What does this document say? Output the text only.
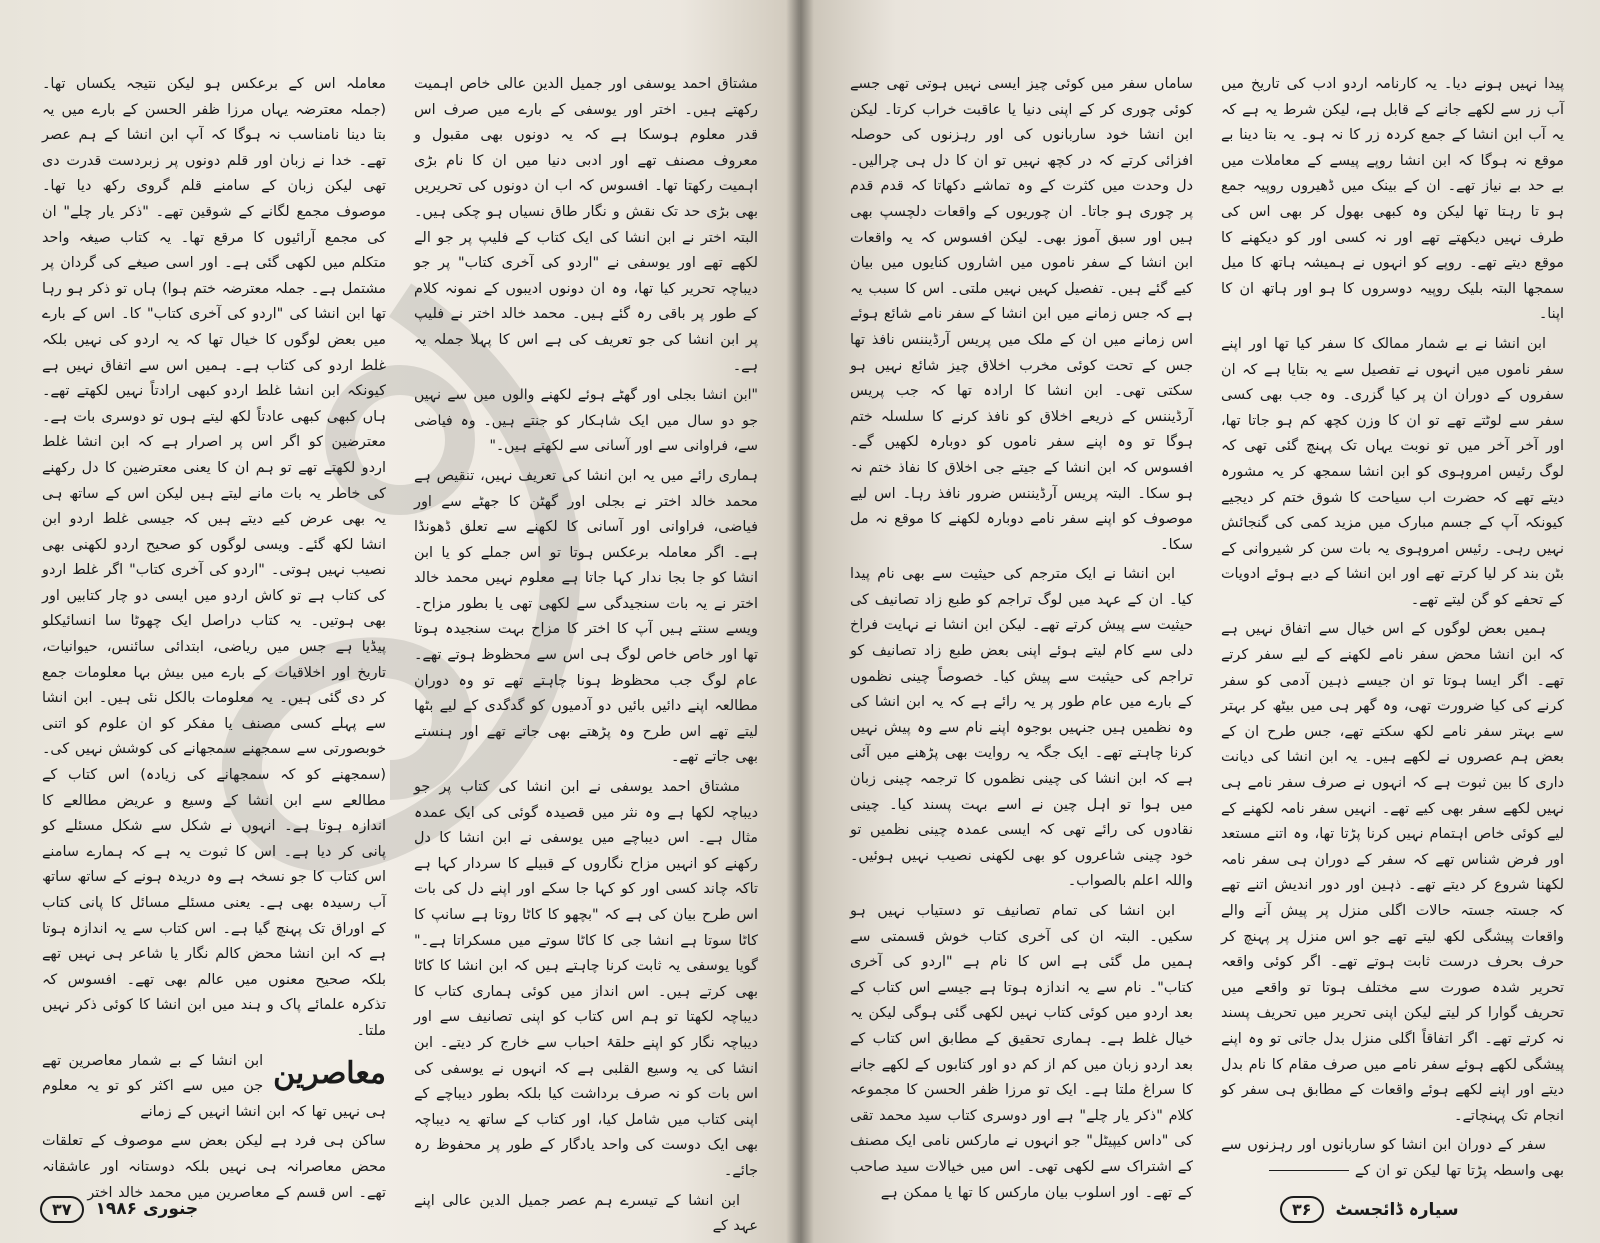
مشتاق احمد یوسفی اور جمیل الدین عالی خاص اہمیت رکھتے ہیں۔ اختر اور یوسفی کے بارے میں صرف اس قدر معلوم ہوسکا ہے کہ یہ دونوں بھی مقبول و معروف مصنف تھے اور ادبی دنیا میں ان کا نام بڑی اہمیت رکھتا تھا۔ افسوس کہ اب ان دونوں کی تحریریں بھی بڑی حد تک نقش و نگار طاق نسیاں ہو چکی ہیں۔ البتہ اختر نے ابن انشا کی ایک کتاب کے فلیپ پر جو الے لکھے تھے اور یوسفی نے "اردو کی آخری کتاب" پر جو دیباچہ تحریر کیا تھا، وہ ان دونوں ادیبوں کے نمونہ کلام کے طور پر باقی رہ گئے ہیں۔ محمد خالد اختر نے فلیپ پر ابن انشا کی جو تعریف کی ہے اس کا پہلا جملہ یہ ہے۔

"ابن انشا بجلی اور گھٹے ہوئے لکھنے والوں میں سے نہیں جو دو سال میں ایک شاہکار کو جنتے ہیں۔ وہ فیاضی سے، فراوانی سے اور آسانی سے لکھتے ہیں۔"

ہماری رائے میں یہ ابن انشا کی تعریف نہیں، تنقیص ہے محمد خالد اختر نے بجلی اور گھٹن کا جھٹے سے اور فیاضی، فراوانی اور آسانی کا لکھنے سے تعلق ڈھونڈا ہے۔ اگر معاملہ برعکس ہوتا تو اس جملے کو یا ابن انشا کو جا بجا ندار کہا جاتا ہے معلوم نہیں محمد خالد اختر نے یہ بات سنجیدگی سے لکھی تھی یا بطور مزاح۔ ویسے سنتے ہیں آپ کا اختر کا مزاح بہت سنجیدہ ہوتا تھا اور خاص خاص لوگ ہی اس سے محظوظ ہوتے تھے۔ عام لوگ جب محظوظ ہونا چاہتے تھے تو وہ دوران مطالعہ اپنے دائیں بائیں دو آدمیوں کو گدگدی کے لیے بٹھا لیتے تھے اس طرح وہ پڑھتے بھی جاتے تھے اور ہنستے بھی جاتے تھے۔

مشتاق احمد یوسفی نے ابن انشا کی کتاب پر جو دیباچہ لکھا ہے وہ نثر میں قصیدہ گوئی کی ایک عمدہ مثال ہے۔ اس دیباچے میں یوسفی نے ابن انشا کا دل رکھنے کو انہیں مزاح نگاروں کے قبیلے کا سردار کہا ہے تاکہ چاند کسی اور کو کہا جا سکے اور اپنے دل کی بات اس طرح بیان کی ہے کہ "بچھو کا کاٹا روتا ہے سانپ کا کاٹا سوتا ہے انشا جی کا کاٹا سوتے میں مسکراتا ہے۔" گویا یوسفی یہ ثابت کرنا چاہتے ہیں کہ ابن انشا کا کاٹا بھی کرتے ہیں۔ اس انداز میں کوئی ہماری کتاب کا دیباچہ لکھتا تو ہم اس کتاب کو اپنی تصانیف سے اور دیباچہ نگار کو اپنے حلقۂ احباب سے خارج کر دیتے۔ ابن انشا کی یہ وسیع القلبی ہے کہ انہوں نے یوسفی کی اس بات کو نہ صرف برداشت کیا بلکہ بطور دیباچے کے اپنی کتاب میں شامل کیا، اور کتاب کے ساتھ یہ دیباچہ بھی ایک دوست کی واحد یادگار کے طور پر محفوظ رہ جائے۔

ابن انشا کے تیسرے ہم عصر جمیل الدین عالی اپنے عہد کے

معاملہ اس کے برعکس ہو لیکن نتیجہ یکساں تھا۔ (جملہ معترضہ یہاں مرزا ظفر الحسن کے بارے میں یہ بتا دینا نامناسب نہ ہوگا کہ آپ ابن انشا کے ہم عصر تھے۔ خدا نے زبان اور قلم دونوں پر زبردست قدرت دی تھی لیکن زبان کے سامنے قلم گروی رکھ دیا تھا۔ موصوف مجمع لگانے کے شوقین تھے۔ "ذکر یار چلے" ان کی مجمع آرائیوں کا مرقع تھا۔ یہ کتاب صیغہ واحد متکلم میں لکھی گئی ہے۔ اور اسی صیغے کی گردان پر مشتمل ہے۔ جملہ معترضہ ختم ہوا) ہاں تو ذکر ہو رہا تھا ابن انشا کی "اردو کی آخری کتاب" کا۔ اس کے بارے میں بعض لوگوں کا خیال تھا کہ یہ اردو کی نہیں بلکہ غلط اردو کی کتاب ہے۔ ہمیں اس سے اتفاق نہیں ہے کیونکہ ابن انشا غلط اردو کبھی ارادتاً نہیں لکھتے تھے۔ ہاں کبھی کبھی عادتاً لکھ لیتے ہوں تو دوسری بات ہے۔ معترضین کو اگر اس پر اصرار ہے کہ ابن انشا غلط اردو لکھتے تھے تو ہم ان کا یعنی معترضین کا دل رکھنے کی خاطر یہ بات مانے لیتے ہیں لیکن اس کے ساتھ ہی یہ بھی عرض کیے دیتے ہیں کہ جیسی غلط اردو ابن انشا لکھ گئے۔ ویسی لوگوں کو صحیح اردو لکھنی بھی نصیب نہیں ہوتی۔ "اردو کی آخری کتاب" اگر غلط اردو کی کتاب ہے تو کاش اردو میں ایسی دو چار کتابیں اور بھی ہوتیں۔ یہ کتاب دراصل ایک چھوٹا سا انسائیکلو پیڈیا ہے جس میں ریاضی، ابتدائی سائنس، حیوانیات، تاریخ اور اخلاقیات کے بارے میں بیش بہا معلومات جمع کر دی گئی ہیں۔ یہ معلومات بالکل نئی ہیں۔ ابن انشا سے پہلے کسی مصنف یا مفکر کو ان علوم کو اتنی خوبصورتی سے سمجھنے سمجھانے کی کوشش نہیں کی۔ (سمجھنے کو کہ سمجھانے کی زیادہ) اس کتاب کے مطالعے سے ابن انشا کے وسیع و عریض مطالعے کا اندازہ ہوتا ہے۔ انہوں نے شکل سے شکل مسئلے کو پانی کر دیا ہے۔ اس کا ثبوت یہ ہے کہ ہمارے سامنے اس کتاب کا جو نسخہ ہے وہ دریدہ ہونے کے ساتھ ساتھ آب رسیدہ بھی ہے۔ یعنی مسئلے مسائل کا پانی کتاب کے اوراق تک پہنچ گیا ہے۔ اس کتاب سے یہ اندازہ ہوتا ہے کہ ابن انشا محض کالم نگار یا شاعر ہی نہیں تھے بلکہ صحیح معنوں میں عالم بھی تھے۔ افسوس کہ تذکرہ علمائے پاک و ہند میں ابن انشا کا کوئی ذکر نہیں ملتا۔

معاصرین

ابن انشا کے بے شمار معاصرین تھے جن میں سے اکثر کو تو یہ معلوم ہی نہیں تھا کہ ابن انشا انہیں کے زمانے

ساکن ہی فرد ہے لیکن بعض سے موصوف کے تعلقات محض معاصرانہ ہی نہیں بلکہ دوستانہ اور عاشقانہ تھے۔ اس قسم کے معاصرین میں محمد خالد اختر

جنوری ۱۹۸۶
۳۷

پیدا نہیں ہونے دیا۔ یہ کارنامہ اردو ادب کی تاریخ میں آب زر سے لکھے جانے کے قابل ہے، لیکن شرط یہ ہے کہ یہ آب ابن انشا کے جمع کردہ زر کا نہ ہو۔ یہ بتا دینا بے موقع نہ ہوگا کہ ابن انشا روپے پیسے کے معاملات میں بے حد بے نیاز تھے۔ ان کے بینک میں ڈھیروں روپیہ جمع ہو تا رہتا تھا لیکن وہ کبھی بھول کر بھی اس کی طرف نہیں دیکھتے تھے اور نہ کسی اور کو دیکھنے کا موقع دیتے تھے۔ روپے کو انہوں نے ہمیشہ ہاتھ کا میل سمجھا البتہ بلیک روپیہ دوسروں کا ہو اور ہاتھ ان کا اپنا۔

ابن انشا نے بے شمار ممالک کا سفر کیا تھا اور اپنے سفر ناموں میں انہوں نے تفصیل سے یہ بتایا ہے کہ ان سفروں کے دوران ان پر کیا گزری۔ وہ جب بھی کسی سفر سے لوٹتے تھے تو ان کا وزن کچھ کم ہو جاتا تھا، اور آخر آخر میں تو نوبت یہاں تک پہنچ گئی تھی کہ لوگ رئیس امروہوی کو ابن انشا سمجھ کر یہ مشورہ دیتے تھے کہ حضرت اب سیاحت کا شوق ختم کر دیجیے کیونکہ آپ کے جسم مبارک میں مزید کمی کی گنجائش نہیں رہی۔ رئیس امروہوی یہ بات سن کر شیروانی کے بٹن بند کر لیا کرتے تھے اور ابن انشا کے دیے ہوئے ادویات کے تحفے کو گن لیتے تھے۔

ہمیں بعض لوگوں کے اس خیال سے اتفاق نہیں ہے کہ ابن انشا محض سفر نامے لکھنے کے لیے سفر کرتے تھے۔ اگر ایسا ہوتا تو ان جیسے ذہین آدمی کو سفر کرنے کی کیا ضرورت تھی، وہ گھر ہی میں بیٹھ کر بہتر سے بہتر سفر نامے لکھ سکتے تھے، جس طرح ان کے بعض ہم عصروں نے لکھے ہیں۔ یہ ابن انشا کی دیانت داری کا بین ثبوت ہے کہ انہوں نے صرف سفر نامے ہی نہیں لکھے سفر بھی کیے تھے۔ انہیں سفر نامہ لکھنے کے لیے کوئی خاص اہتمام نہیں کرنا پڑتا تھا، وہ اتنے مستعد اور فرض شناس تھے کہ سفر کے دوران ہی سفر نامہ لکھنا شروع کر دیتے تھے۔ ذہین اور دور اندیش اتنے تھے کہ جستہ جستہ حالات اگلی منزل پر پیش آنے والے واقعات پیشگی لکھ لیتے تھے جو اس منزل پر پہنچ کر حرف بحرف درست ثابت ہوتے تھے۔ اگر کوئی واقعہ تحریر شدہ صورت سے مختلف ہوتا تو واقعے میں تحریف گوارا کر لیتے لیکن اپنی تحریر میں تحریف پسند نہ کرتے تھے۔ اگر اتفاقاً اگلی منزل بدل جاتی تو وہ اپنے پیشگی لکھے ہوئے سفر نامے میں صرف مقام کا نام بدل دیتے اور اپنے لکھے ہوئے واقعات کے مطابق ہی سفر کو انجام تک پہنچاتے۔

سفر کے دوران ابن انشا کو ساربانوں اور رہزنوں سے بھی واسطہ پڑتا تھا لیکن تو ان کے

ساماں سفر میں کوئی چیز ایسی نہیں ہوتی تھی جسے کوئی چوری کر کے اپنی دنیا یا عاقبت خراب کرتا۔ لیکن ابن انشا خود ساربانوں کی اور رہزنوں کی حوصلہ افزائی کرتے کہ در کچھ نہیں تو ان کا دل ہی چرالیں۔ دل وحدت میں کثرت کے وہ تماشے دکھاتا کہ قدم قدم پر چوری ہو جاتا۔ ان چوریوں کے واقعات دلچسپ بھی ہیں اور سبق آموز بھی۔ لیکن افسوس کہ یہ واقعات ابن انشا کے سفر ناموں میں اشاروں کنایوں میں بیان کیے گئے ہیں۔ تفصیل کہیں نہیں ملتی۔ اس کا سبب یہ ہے کہ جس زمانے میں ابن انشا کے سفر نامے شائع ہوئے اس زمانے میں ان کے ملک میں پریس آرڈیننس نافذ تھا جس کے تحت کوئی مخرب اخلاق چیز شائع نہیں ہو سکتی تھی۔ ابن انشا کا ارادہ تھا کہ جب پریس آرڈیننس کے ذریعے اخلاق کو نافذ کرنے کا سلسلہ ختم ہوگا تو وہ اپنے سفر ناموں کو دوبارہ لکھیں گے۔ افسوس کہ ابن انشا کے جیتے جی اخلاق کا نفاذ ختم نہ ہو سکا۔ البتہ پریس آرڈیننس ضرور نافذ رہا۔ اس لیے موصوف کو اپنے سفر نامے دوبارہ لکھنے کا موقع نہ مل سکا۔

ابن انشا نے ایک مترجم کی حیثیت سے بھی نام پیدا کیا۔ ان کے عہد میں لوگ تراجم کو طبع زاد تصانیف کی حیثیت سے پیش کرتے تھے۔ لیکن ابن انشا نے نہایت فراخ دلی سے کام لیتے ہوئے اپنی بعض طبع زاد تصانیف کو تراجم کی حیثیت سے پیش کیا۔ خصوصاً چینی نظموں کے بارے میں عام طور پر یہ رائے ہے کہ یہ ابن انشا کی وہ نظمیں ہیں جنہیں بوجوہ اپنے نام سے وہ پیش نہیں کرنا چاہتے تھے۔ ایک جگہ یہ روایت بھی پڑھنے میں آئی ہے کہ ابن انشا کی چینی نظموں کا ترجمہ چینی زبان میں ہوا تو اہل چین نے اسے بہت پسند کیا۔ چینی نقادوں کی رائے تھی کہ ایسی عمدہ چینی نظمیں تو خود چینی شاعروں کو بھی لکھنی نصیب نہیں ہوئیں۔ واللہ اعلم بالصواب۔

ابن انشا کی تمام تصانیف تو دستیاب نہیں ہو سکیں۔ البتہ ان کی آخری کتاب خوش قسمتی سے ہمیں مل گئی ہے اس کا نام ہے "اردو کی آخری کتاب"۔ نام سے یہ اندازہ ہوتا ہے جیسے اس کتاب کے بعد اردو میں کوئی کتاب نہیں لکھی گئی ہوگی لیکن یہ خیال غلط ہے۔ ہماری تحقیق کے مطابق اس کتاب کے بعد اردو زبان میں کم از کم دو اور کتابوں کے لکھے جانے کا سراغ ملتا ہے۔ ایک تو مرزا ظفر الحسن کا مجموعہ کلام "ذکر یار چلے" ہے اور دوسری کتاب سید محمد تقی کی "داس کیپیٹل" جو انہوں نے مارکس نامی ایک مصنف کے اشتراک سے لکھی تھی۔ اس میں خیالات سید صاحب کے تھے۔ اور اسلوب بیان مارکس کا تھا یا ممکن ہے

سیارہ ڈائجسٹ
۳۶
